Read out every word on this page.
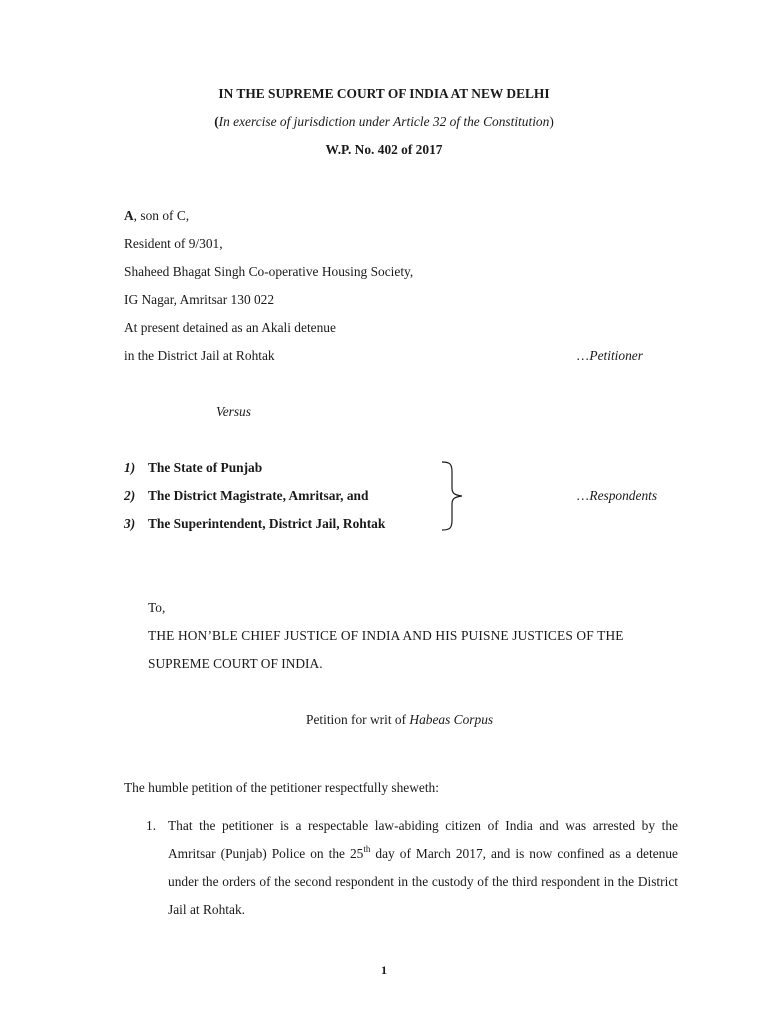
IN THE SUPREME COURT OF INDIA AT NEW DELHI
(In exercise of jurisdiction under Article 32 of the Constitution)
W.P. No. 402 of 2017
A, son of C,
Resident of 9/301,
Shaheed Bhagat Singh Co-operative Housing Society,
IG Nagar, Amritsar 130 022
At present detained as an Akali detenue
in the District Jail at Rohtak	…Petitioner
Versus
1) The State of Punjab
2) The District Magistrate, Amritsar, and
3) The Superintendent, District Jail, Rohtak
…Respondents
To,
THE HON’BLE CHIEF JUSTICE OF INDIA AND HIS PUISNE JUSTICES OF THE
SUPREME COURT OF INDIA.
Petition for writ of Habeas Corpus
The humble petition of the petitioner respectfully sheweth:
1. That the petitioner is a respectable law-abiding citizen of India and was arrested by the Amritsar (Punjab) Police on the 25th day of March 2017, and is now confined as a detenue under the orders of the second respondent in the custody of the third respondent in the District Jail at Rohtak.
1
